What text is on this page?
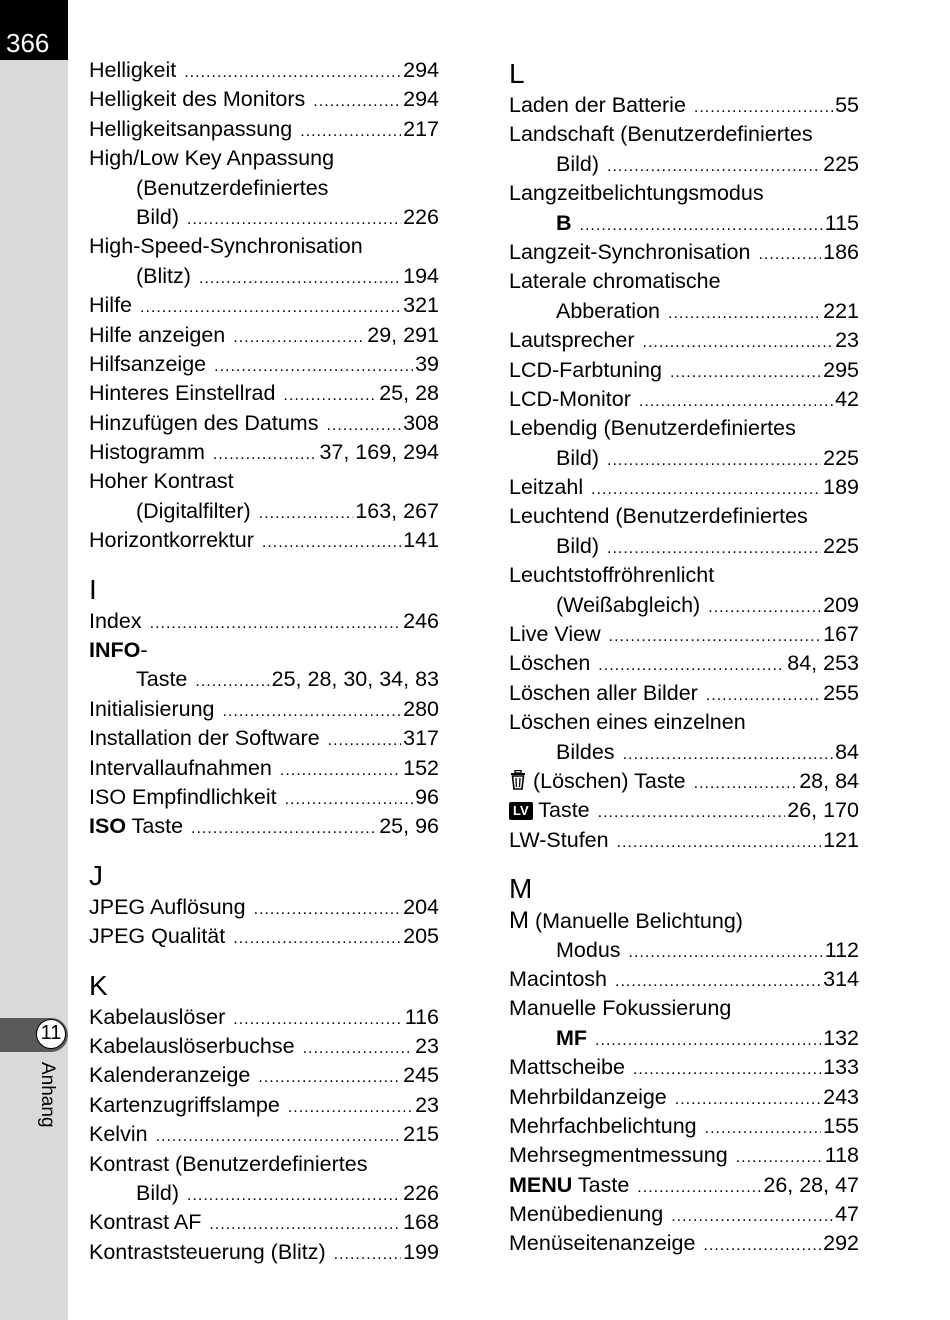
366
11
Anhang
Helligkeit .....	294
Helligkeit des Monitors .....	294
Helligkeitsanpassung .....	217
High/Low Key Anpassung
(Benutzerdefiniertes
Bild) .....	226
High-Speed-Synchronisation
(Blitz) .....	194
Hilfe .....	321
Hilfe anzeigen .....	29, 291
Hilfsanzeige .....	39
Hinteres Einstellrad .....	25, 28
Hinzufügen des Datums .....	308
Histogramm .....	37, 169, 294
Hoher Kontrast
(Digitalfilter) .....	163, 267
Horizontkorrektur .....	141
I
Index .....	246
INFO-
Taste .....	25, 28, 30, 34, 83
Initialisierung .....	280
Installation der Software .....	317
Intervallaufnahmen .....	152
ISO Empfindlichkeit .....	96
ISO Taste .....	25, 96
J
JPEG Auflösung .....	204
JPEG Qualität .....	205
K
Kabelauslöser .....	116
Kabelauslöserbuchse .....	23
Kalenderanzeige .....	245
Kartenzugriffslampe .....	23
Kelvin .....	215
Kontrast (Benutzerdefiniertes
Bild) .....	226
Kontrast AF .....	168
Kontraststeuerung (Blitz) .....	199
L
Laden der Batterie .....	55
Landschaft (Benutzerdefiniertes
Bild) .....	225
Langzeitbelichtungsmodus
B .....	115
Langzeit-Synchronisation .....	186
Laterale chromatische
Abberation .....	221
Lautsprecher .....	23
LCD-Farbtuning .....	295
LCD-Monitor .....	42
Lebendig (Benutzerdefiniertes
Bild) .....	225
Leitzahl .....	189
Leuchtend (Benutzerdefiniertes
Bild) .....	225
Leuchtstoffröhrenlicht
(Weißabgleich) .....	209
Live View .....	167
Löschen .....	84, 253
Löschen aller Bilder .....	255
Löschen eines einzelnen
Bildes .....	84
(Löschen) Taste .....	28, 84
LV Taste .....	26, 170
LW-Stufen .....	121
M
M (Manuelle Belichtung)
Modus .....	112
Macintosh .....	314
Manuelle Fokussierung
MF .....	132
Mattscheibe .....	133
Mehrbildanzeige .....	243
Mehrfachbelichtung .....	155
Mehrsegmentmessung .....	118
MENU Taste .....	26, 28, 47
Menübedienung .....	47
Menüseitenanzeige .....	292
